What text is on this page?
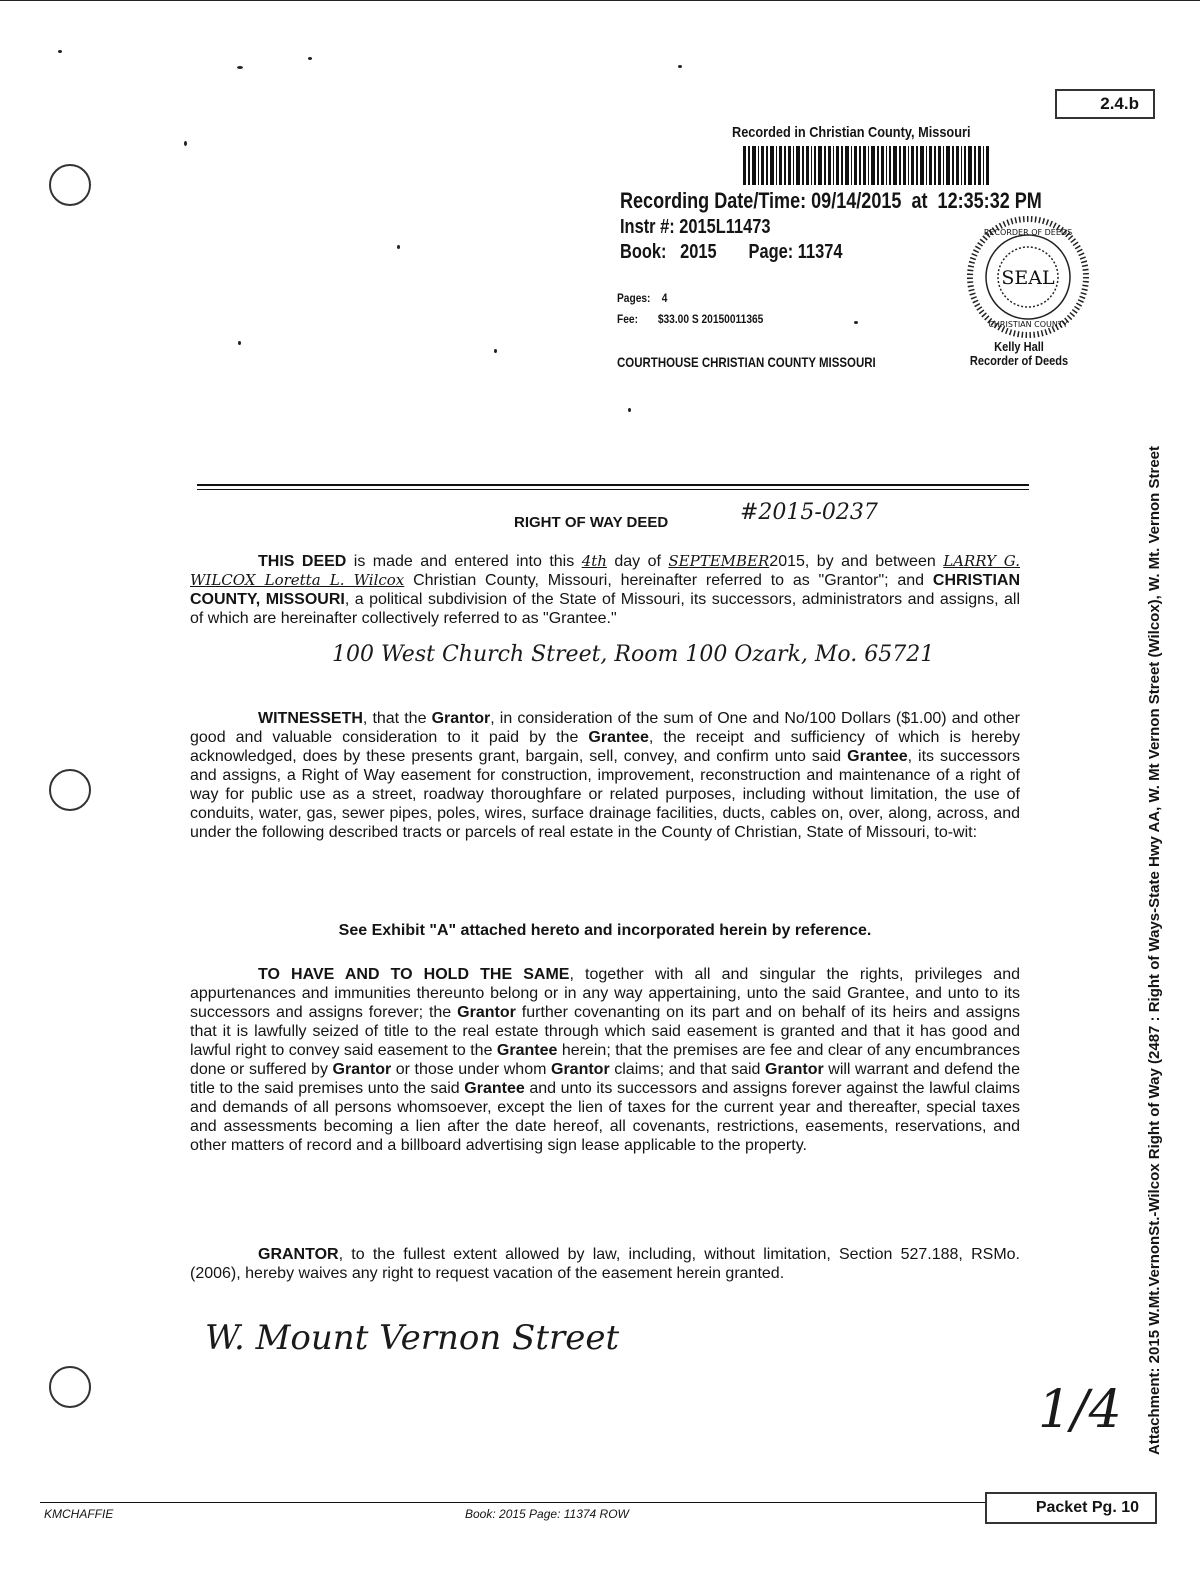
2.4.b
Recorded in Christian County, Missouri
Recording Date/Time: 09/14/2015 at 12:35:32 PM
Instr #: 2015L11473
Book: 2015 Page: 11374
Pages: 4
Fee: $33.00 S 20150011365
COURTHOUSE CHRISTIAN COUNTY MISSOURI
SEAL
RECORDER OF DEEDS
CHRISTIAN COUNTY
Kelly Hall
Recorder of Deeds
RIGHT OF WAY DEED	#2015-0237
THIS DEED is made and entered into this 4th day of SEPTEMBER2015, by and between LARRY G. WILCOX Loretta L. Wilcox Christian County, Missouri, hereinafter referred to as "Grantor"; and CHRISTIAN COUNTY, MISSOURI, a political subdivision of the State of Missouri, its successors, administrators and assigns, all of which are hereinafter collectively referred to as "Grantee."
100 West Church Street, Room 100 Ozark, Mo. 65721
WITNESSETH, that the Grantor, in consideration of the sum of One and No/100 Dollars ($1.00) and other good and valuable consideration to it paid by the Grantee, the receipt and sufficiency of which is hereby acknowledged, does by these presents grant, bargain, sell, convey, and confirm unto said Grantee, its successors and assigns, a Right of Way easement for construction, improvement, reconstruction and maintenance of a right of way for public use as a street, roadway thoroughfare or related purposes, including without limitation, the use of conduits, water, gas, sewer pipes, poles, wires, surface drainage facilities, ducts, cables on, over, along, across, and under the following described tracts or parcels of real estate in the County of Christian, State of Missouri, to-wit:
See Exhibit "A" attached hereto and incorporated herein by reference.
TO HAVE AND TO HOLD THE SAME, together with all and singular the rights, privileges and appurtenances and immunities thereunto belong or in any way appertaining, unto the said Grantee, and unto to its successors and assigns forever; the Grantor further covenanting on its part and on behalf of its heirs and assigns that it is lawfully seized of title to the real estate through which said easement is granted and that it has good and lawful right to convey said easement to the Grantee herein; that the premises are fee and clear of any encumbrances done or suffered by Grantor or those under whom Grantor claims; and that said Grantor will warrant and defend the title to the said premises unto the said Grantee and unto its successors and assigns forever against the lawful claims and demands of all persons whomsoever, except the lien of taxes for the current year and thereafter, special taxes and assessments becoming a lien after the date hereof, all covenants, restrictions, easements, reservations, and other matters of record and a billboard advertising sign lease applicable to the property.
GRANTOR, to the fullest extent allowed by law, including, without limitation, Section 527.188, RSMo. (2006), hereby waives any right to request vacation of the easement herein granted.
W. Mount Vernon Street
1/4 Attachment: 2015 W.Mt.VernonSt.-Wilcox Right of Way (2487 : Right of Ways-State Hwy AA, W. Mt Vernon Street (Wilcox), W. Mt. Vernon Street
KMCHAFFIE	Book: 2015 Page: 11374 ROW	Packet Pg. 10
